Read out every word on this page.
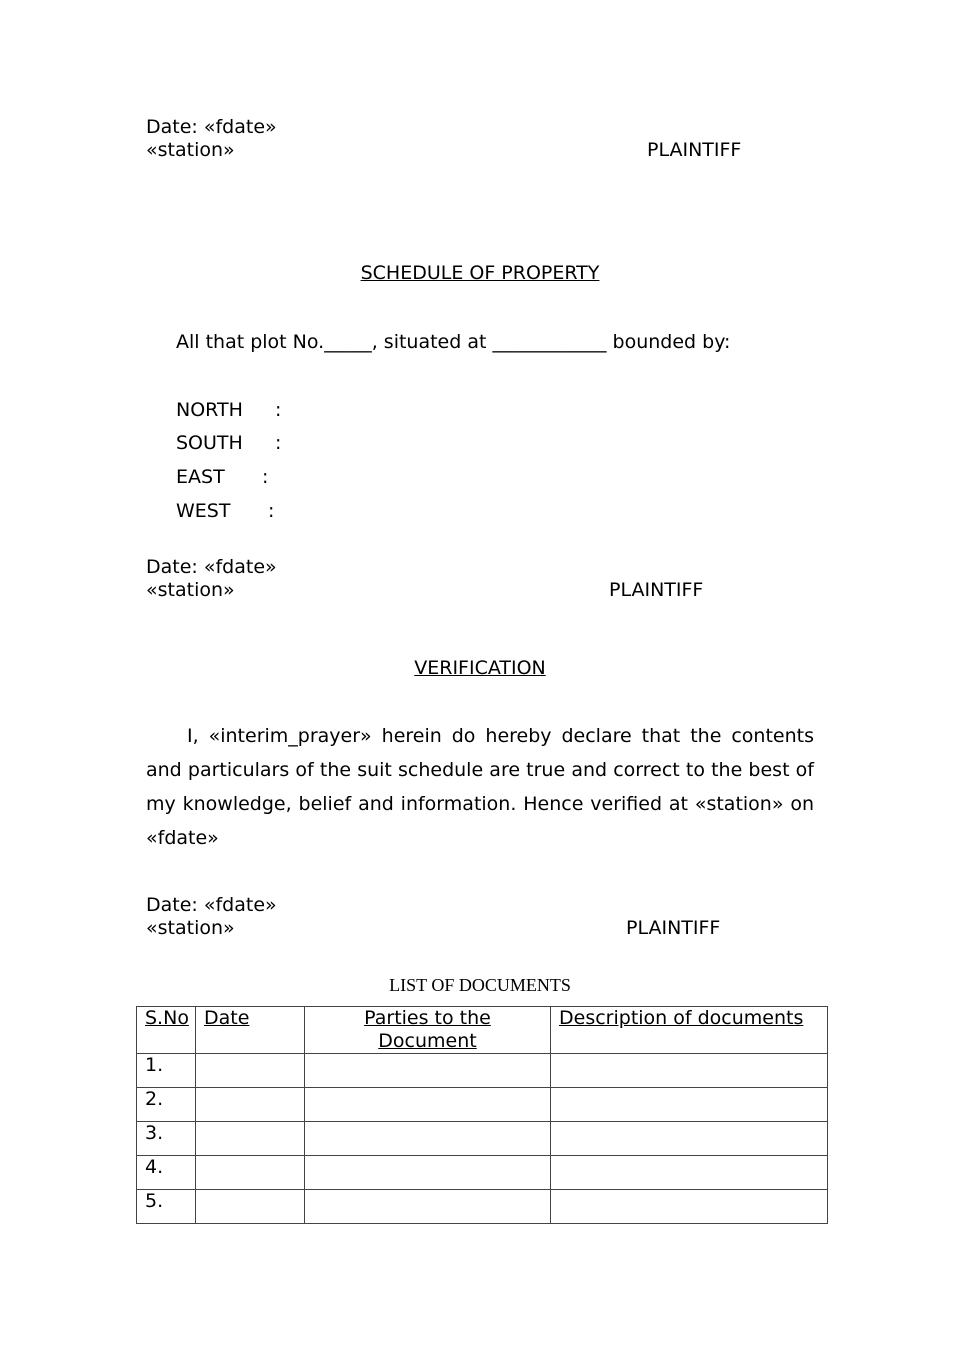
Date: «fdate»
«station»	PLAINTIFF
SCHEDULE OF PROPERTY
All that plot No._____, situated at ____________ bounded by:
NORTH :
SOUTH :
EAST :
WEST :
Date: «fdate»
«station»	PLAINTIFF
VERIFICATION
I, «interim_prayer» herein do hereby declare that the contents and particulars of the suit schedule are true and correct to the best of my knowledge, belief and information. Hence verified at «station» on «fdate»
Date: «fdate»
«station»	PLAINTIFF
LIST OF DOCUMENTS
S.No	Date	Parties to the Document	Description of documents
1.			
2.			
3.			
4.			
5.			
